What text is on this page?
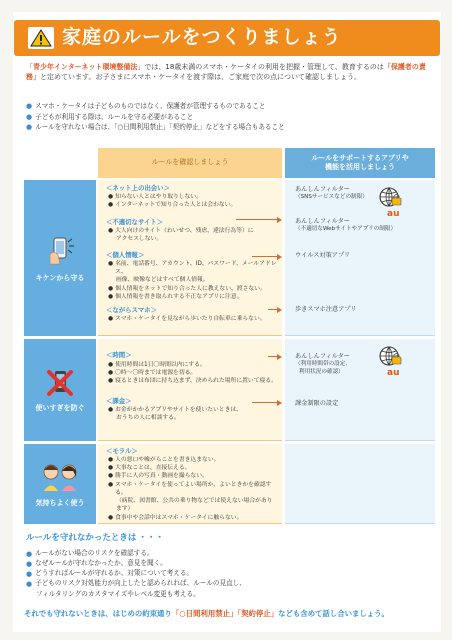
家庭のルールをつくりましょう
「青少年インターネット環境整備法」では、18歳未満のスマホ・ケータイの利用を把握・管理して、教育するのは「保護者の責務」と定めています。お子さまにスマホ・ケータイを渡す際は、ご家庭で次の点について確認しましょう。
● スマホ・ケータイは子どものものではなく、保護者が管理するものであること
● 子どもが利用する際は、ルールを守る必要があること
● ルールを守れない場合は、「○日間利用禁止」「契約停止」などをする場合もあること
ルールを確認しましょう
ルールをサポートするアプリや
機能を活用しましょう
キケンから守る
＜ネット上の出会い＞
● 知らない人とはやり取りしない。
● インターネットで知り合った人とは会わない。
＜不適切なサイト＞
● 大人向けのサイト（わいせつ、残虐、違法行為等）に
アクセスしない。
＜個人情報＞
● 名前、電話番号、アカウント、ID、パスワード、メールアドレス、
画像、映像などはすべて個人情報。
● 個人情報をネットで知り合った人に教えない、渡さない。
● 個人情報を書き取られする不正なアプリに注意。
＜ながらスマホ＞
● スマホ・ケータイを見ながら歩いたり自転車に乗らない。
あんしんフィルター
（SNSサービスなどの制限）
あんしんフィルター
（不適切なWebサイトやアプリの制限）
ウイルス対策アプリ
歩きスマホ注意アプリ
au
使いすぎを防ぐ
＜時間＞
● 使用時間は1日〇時間以内にする。
● 〇時〜〇時までは電源を切る。
● 寝るときは布団に持ち込まず、決められた場所に置いて寝る。
＜課金＞
● お金がかかるアプリやサイトを使いたいときは、
おうちの人に相談する。
あんしんフィルター
（利用時間帯の設定、
利用状況の確認）
課金制限の設定
au
気持ちよく使う
＜モラル＞
● 人の悪口や嘘がらことを書き込まない。
● 大事なことは、直接伝える。
● 勝手に人の写真・動画を撮らない。
● スマホ・ケータイを使ってよい場所か、よいときかを確認する。
（病院、図書館、公共の乗り物などでは使えない場合があります）
● 食事中や会話中はスマホ・ケータイに触らない。
ルールを守れなかったときは ・・・
● ルールがない場合のリスクを確認する。
● なぜルールが守れなかったか、意見を聞く。
● どうすればルールが守れるか、対策について考える。
● 子どものリスク対処能力が向上したと認められれば、ルールの見直し、
フィルタリングのカスタマイズやレベル変更も考える。
それでも守れないときは、はじめの約束通り「○日間利用禁止」「契約停止」なども含めて話し合いましょう。
